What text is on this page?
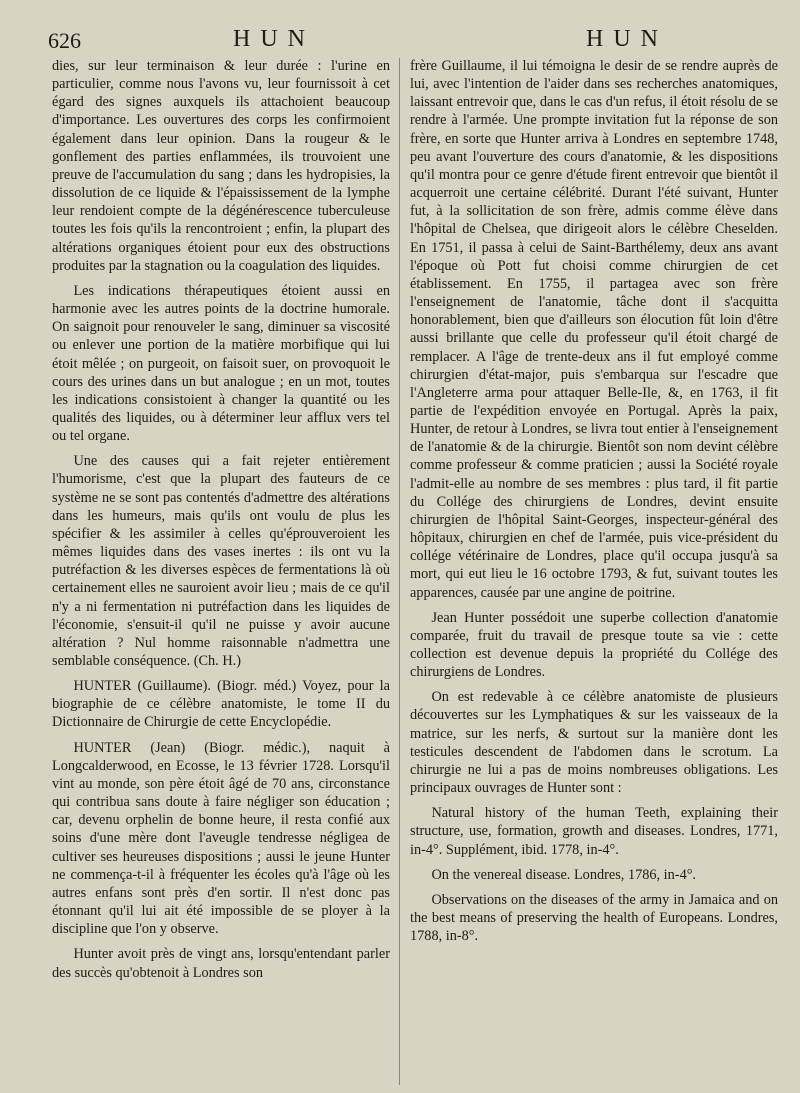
626	HUN	HUN

dies, sur leur terminaison & leur durée : l'urine en particulier, comme nous l'avons vu, leur fournissoit à cet égard des signes auxquels ils attachoient beaucoup d'importance. Les ouvertures des corps les confirmoient également dans leur opinion. Dans la rougeur & le gonflement des parties enflammées, ils trouvoient une preuve de l'accumulation du sang ; dans les hydropisies, la dissolution de ce liquide & l'épaississement de la lymphe leur rendoient compte de la dégénérescence tuberculeuse toutes les fois qu'ils la rencontroient ; enfin, la plupart des altérations organiques étoient pour eux des obstructions produites par la stagnation ou la coagulation des liquides.

Les indications thérapeutiques étoient aussi en harmonie avec les autres points de la doctrine humorale. On saignoit pour renouveler le sang, diminuer sa viscosité ou enlever une portion de la matière morbifique qui lui étoit mêlée ; on purgeoit, on faisoit suer, on provoquoit le cours des urines dans un but analogue ; en un mot, toutes les indications consistoient à changer la quantité ou les qualités des liquides, ou à déterminer leur afflux vers tel ou tel organe.

Une des causes qui a fait rejeter entièrement l'humorisme, c'est que la plupart des fauteurs de ce système ne se sont pas contentés d'admettre des altérations dans les humeurs, mais qu'ils ont voulu de plus les spécifier & les assimiler à celles qu'éprouveroient les mêmes liquides dans des vases inertes : ils ont vu la putréfaction & les diverses espèces de fermentations là où certainement elles ne sauroient avoir lieu ; mais de ce qu'il n'y a ni fermentation ni putréfaction dans les liquides de l'économie, s'ensuit-il qu'il ne puisse y avoir aucune altération ? Nul homme raisonnable n'admettra une semblable conséquence. (Ch. H.)

HUNTER (Guillaume). (Biogr. méd.) Voyez, pour la biographie de ce célèbre anatomiste, le tome II du Dictionnaire de Chirurgie de cette Encyclopédie.

HUNTER (Jean) (Biogr. médic.), naquit à Longcalderwood, en Ecosse, le 13 février 1728. Lorsqu'il vint au monde, son père étoit âgé de 70 ans, circonstance qui contribua sans doute à faire négliger son éducation ; car, devenu orphelin de bonne heure, il resta confié aux soins d'une mère dont l'aveugle tendresse négligea de cultiver ses heureuses dispositions ; aussi le jeune Hunter ne commença-t-il à fréquenter les écoles qu'à l'âge où les autres enfans sont près d'en sortir. Il n'est donc pas étonnant qu'il lui ait été impossible de se ployer à la discipline que l'on y observe.

Hunter avoit près de vingt ans, lorsqu'entendant parler des succès qu'obtenoit à Londres son

frère Guillaume, il lui témoigna le desir de se rendre auprès de lui, avec l'intention de l'aider dans ses recherches anatomiques, laissant entrevoir que, dans le cas d'un refus, il étoit résolu de se rendre à l'armée. Une prompte invitation fut la réponse de son frère, en sorte que Hunter arriva à Londres en septembre 1748, peu avant l'ouverture des cours d'anatomie, & les dispositions qu'il montra pour ce genre d'étude firent entrevoir que bientôt il acquerroit une certaine célébrité. Durant l'été suivant, Hunter fut, à la sollicitation de son frère, admis comme élève dans l'hôpital de Chelsea, que dirigeoit alors le célèbre Cheselden. En 1751, il passa à celui de Saint-Barthélemy, deux ans avant l'époque où Pott fut choisi comme chirurgien de cet établissement. En 1755, il partagea avec son frère l'enseignement de l'anatomie, tâche dont il s'acquitta honorablement, bien que d'ailleurs son élocution fût loin d'être aussi brillante que celle du professeur qu'il étoit chargé de remplacer. A l'âge de trente-deux ans il fut employé comme chirurgien d'état-major, puis s'embarqua sur l'escadre que l'Angleterre arma pour attaquer Belle-Ile, &, en 1763, il fit partie de l'expédition envoyée en Portugal. Après la paix, Hunter, de retour à Londres, se livra tout entier à l'enseignement de l'anatomie & de la chirurgie. Bientôt son nom devint célèbre comme professeur & comme praticien ; aussi la Société royale l'admit-elle au nombre de ses membres : plus tard, il fit partie du Collége des chirurgiens de Londres, devint ensuite chirurgien de l'hôpital Saint-Georges, inspecteur-général des hôpitaux, chirurgien en chef de l'armée, puis vice-président du collége vétérinaire de Londres, place qu'il occupa jusqu'à sa mort, qui eut lieu le 16 octobre 1793, & fut, suivant toutes les apparences, causée par une angine de poitrine.

Jean Hunter possédoit une superbe collection d'anatomie comparée, fruit du travail de presque toute sa vie : cette collection est devenue depuis la propriété du Collége des chirurgiens de Londres.

On est redevable à ce célèbre anatomiste de plusieurs découvertes sur les Lymphatiques & sur les vaisseaux de la matrice, sur les nerfs, & surtout sur la manière dont les testicules descendent de l'abdomen dans le scrotum. La chirurgie ne lui a pas de moins nombreuses obligations. Les principaux ouvrages de Hunter sont :

Natural history of the human Teeth, explaining their structure, use, formation, growth and diseases. Londres, 1771, in-4°. Supplément, ibid. 1778, in-4°.

On the venereal disease. Londres, 1786, in-4°.

Observations on the diseases of the army in Jamaica and on the best means of preserving the health of Europeans. Londres, 1788, in-8°.
